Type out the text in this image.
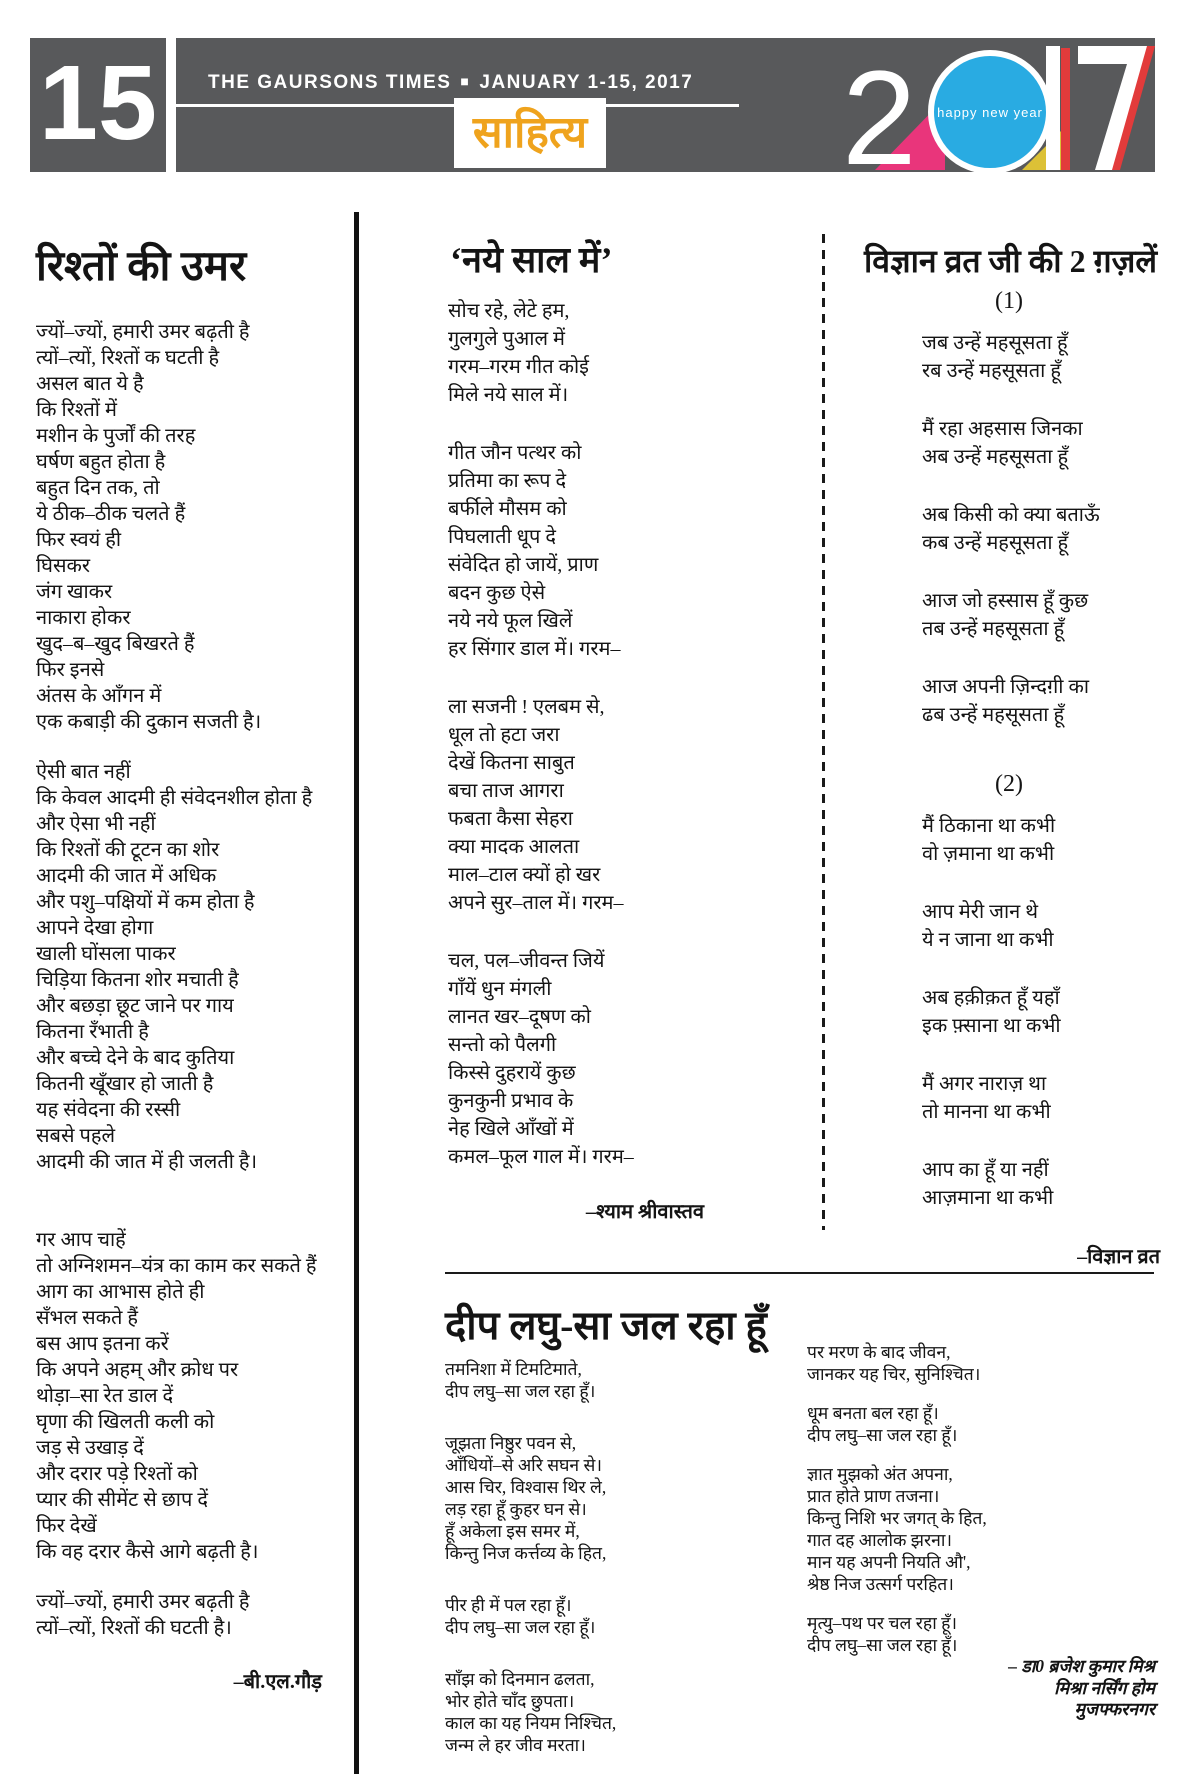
15	THE GAURSONS TIMES ■ JANUARY 1-15, 2017
साहित्य 2 happy new year
रिश्तों की उमर
ज्यों–ज्यों, हमारी उमर बढ़ती है
त्यों–त्यों, रिश्तों क घटती है
असल बात ये है
कि रिश्तों में
मशीन के पुर्जों की तरह
घर्षण बहुत होता है
बहुत दिन तक, तो
ये ठीक–ठीक चलते हैं
फिर स्वयं ही
घिसकर
जंग खाकर
नाकारा होकर
खुद–ब–खुद बिखरते हैं
फिर इनसे
अंतस के आँगन में
एक कबाड़ी की दुकान सजती है।
ऐसी बात नहीं
कि केवल आदमी ही संवेदनशील होता है
और ऐसा भी नहीं
कि रिश्तों की टूटन का शोर
आदमी की जात में अधिक
और पशु–पक्षियों में कम होता है
आपने देखा होगा
खाली घोंसला पाकर
चिड़िया कितना शोर मचाती है
और बछड़ा छूट जाने पर गाय
कितना रँभाती है
और बच्चे देने के बाद कुतिया
कितनी खूँखार हो जाती है
यह संवेदना की रस्सी
सबसे पहले
आदमी की जात में ही जलती है।
गर आप चाहें
तो अग्निशमन–यंत्र का काम कर सकते हैं
आग का आभास होते ही
सँभल सकते हैं
बस आप इतना करें
कि अपने अहम् और क्रोध पर
थोड़ा–सा रेत डाल दें
घृणा की खिलती कली को
जड़ से उखाड़ दें
और दरार पड़े रिश्तों को
प्यार की सीमेंट से छाप दें
फिर देखें
कि वह दरार कैसे आगे बढ़ती है।
ज्यों–ज्यों, हमारी उमर बढ़ती है
त्यों–त्यों, रिश्तों की घटती है।
–बी.एल.गौड़
‘नये साल में’
सोच रहे, लेटे हम,
गुलगुले पुआल में
गरम–गरम गीत कोई
मिले नये साल में।
गीत जौन पत्थर को
प्रतिमा का रूप दे
बर्फीले मौसम को
पिघलाती धूप दे
संवेदित हो जायें, प्राण
बदन कुछ ऐसे
नये नये फूल खिलें
हर सिंगार डाल में। गरम–
ला सजनी ! एलबम से,
धूल तो हटा जरा
देखें कितना साबुत
बचा ताज आगरा
फबता कैसा सेहरा
क्या मादक आलता
माल–टाल क्यों हो खर
अपने सुर–ताल में। गरम–
चल, पल–जीवन्त जियें
गाँयें धुन मंगली
लानत खर–दूषण को
सन्तो को पैलगी
किस्से दुहरायें कुछ
कुनकुनी प्रभाव के
नेह खिले आँखों में
कमल–फूल गाल में। गरम–
–श्याम श्रीवास्तव
विज्ञान व्रत जी की 2 ग़ज़लें
(1)
जब उन्हें महसूसता हूँ
रब उन्हें महसूसता हूँ
मैं रहा अहसास जिनका
अब उन्हें महसूसता हूँ
अब किसी को क्या बताऊँ
कब उन्हें महसूसता हूँ
आज जो हस्सास हूँ कुछ
तब उन्हें महसूसता हूँ
आज अपनी ज़िन्दग़ी का
ढब उन्हें महसूसता हूँ
(2)
मैं ठिकाना था कभी
वो ज़माना था कभी
आप मेरी जान थे
ये न जाना था कभी
अब हक़ीक़त हूँ यहाँ
इक फ़्साना था कभी
मैं अगर नाराज़ था
तो मानना था कभी
आप का हूँ या नहीं
आज़माना था कभी
–विज्ञान व्रत
दीप लघु-सा जल रहा हूँ
तमनिशा में टिमटिमाते,
दीप लघु–सा जल रहा हूँ।
जूझता निष्ठुर पवन से,
आँधियों–से अरि सघन से।
आस चिर, विश्वास थिर ले,
लड़ रहा हूँ कुहर घन से।
हूँ अकेला इस समर में,
किन्तु निज कर्त्तव्य के हित,
पीर ही में पल रहा हूँ।
दीप लघु–सा जल रहा हूँ।
साँझ को दिनमान ढलता,
भोर होते चाँद छुपता।
काल का यह नियम निश्चित,
जन्म ले हर जीव मरता।
पर मरण के बाद जीवन,
जानकर यह चिर, सुनिश्चित।
धूम बनता बल रहा हूँ।
दीप लघु–सा जल रहा हूँ।
ज्ञात मुझको अंत अपना,
प्रात होते प्राण तजना।
किन्तु निशि भर जगत् के हित,
गात दह आलोक झरना।
मान यह अपनी नियति औ',
श्रेष्ठ निज उत्सर्ग परहित।
मृत्यु–पथ पर चल रहा हूँ।
दीप लघु–सा जल रहा हूँ।
– डा0 ब्रजेश कुमार मिश्र
मिश्रा नर्सिंग होम
मुजफ्फरनगर
